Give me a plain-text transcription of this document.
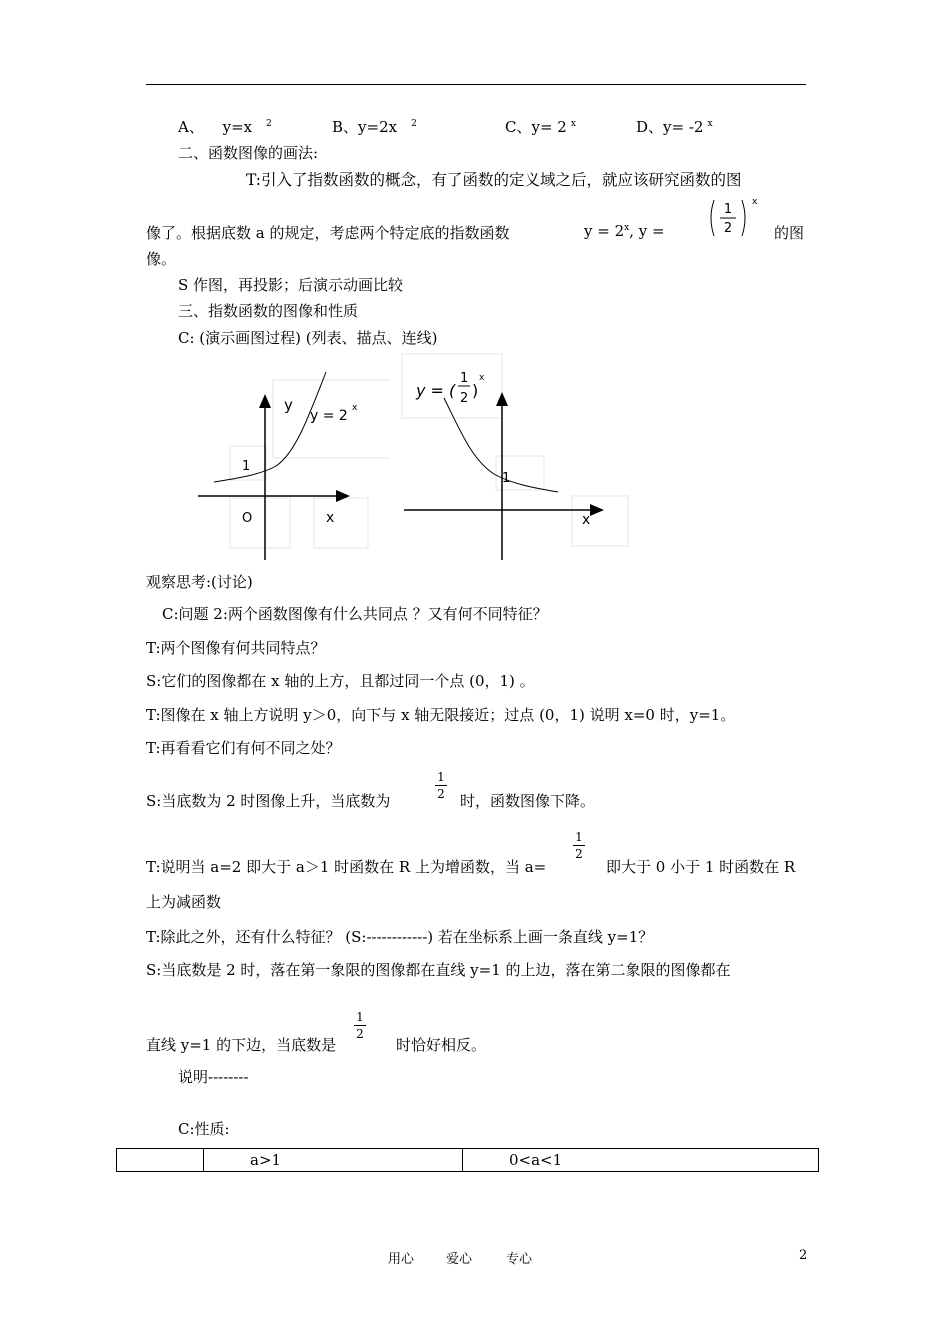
A、 y=x $^2$	B、y=2x $^2$	C、y= 2 $^x$	D、y= -2 $^x$
二、函数图像的画法:
T:引入了指数函数的概念，有了函数的定义域之后，就应该研究函数的图
像了。根据底数 a 的规定，考虑两个特定底的指数函数	$y = 2^x$, y =
1
2
x
的图
像。
S 作图，再投影；后演示动画比较
三、指数函数的图像和性质
C: (演示画图过程) (列表、描点、连线)
y
y = 2 x
1
O	x
y = (
1
2 )
x
1
x
观察思考:(讨论)
C:问题 2:两个函数图像有什么共同点 ？又有何不同特征？
T:两个图像有何共同特点？
S:它们的图像都在 x 轴的上方，且都过同一个点 (0，1) 。
T:图像在 x 轴上方说明 y＞0，向下与 x 轴无限接近；过点 (0，1) 说明 x=0 时，y=1。
T:再看看它们有何不同之处？
S:当底数为 2 时图像上升，当底数为
1
2 时，函数图像下降。
T:说明当 a=2 即大于 a＞1 时函数在 R 上为增函数，当 a=
1
2
即大于 0 小于 1 时函数在 R
上为减函数
T:除此之外，还有什么特征？ (S:------------) 若在坐标系上画一条直线 y=1？
S:当底数是 2 时，落在第一象限的图像都在直线 y=1 的上边，落在第二象限的图像都在
直线 y=1 的下边，当底数是
1
2
时恰好相反。
说明--------
C:性质:
	a>1	0<a<1
用心 爱心	专心	2
